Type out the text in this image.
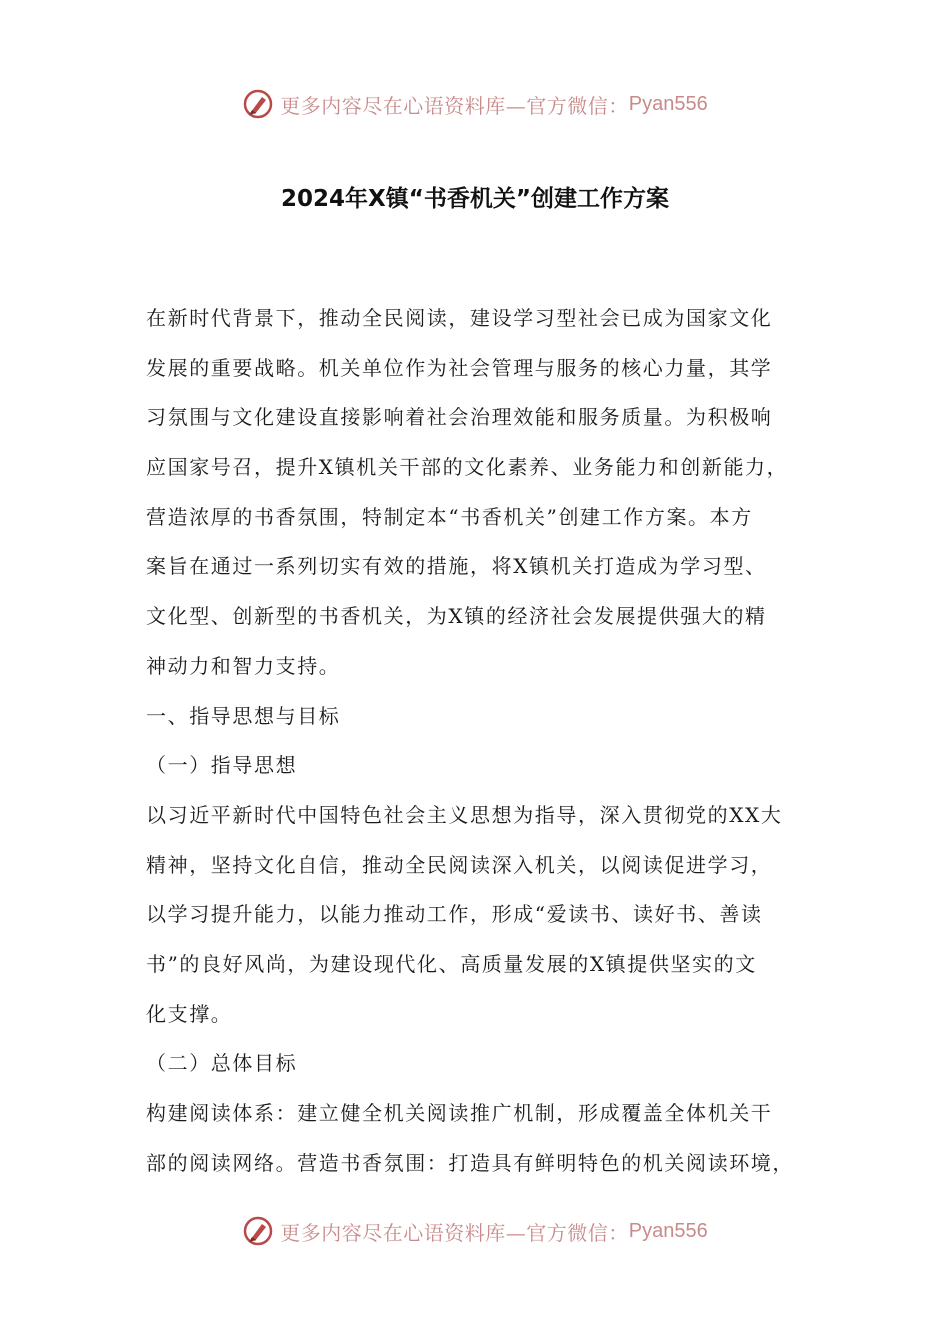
更多内容尽在心语资料库—官方微信： Pyan556
2024年X镇“书香机关”创建工作方案

在新时代背景下，推动全民阅读，建设学习型社会已成为国家文化

发展的重要战略。机关单位作为社会管理与服务的核心力量，其学

习氛围与文化建设直接影响着社会治理效能和服务质量。为积极响

应国家号召，提升X镇机关干部的文化素养、业务能力和创新能力，

营造浓厚的书香氛围，特制定本“书香机关”创建工作方案。本方

案旨在通过一系列切实有效的措施，将X镇机关打造成为学习型、

文化型、创新型的书香机关，为X镇的经济社会发展提供强大的精

神动力和智力支持。

一、指导思想与目标

（一）指导思想

以习近平新时代中国特色社会主义思想为指导，深入贯彻党的XX大

精神，坚持文化自信，推动全民阅读深入机关，以阅读促进学习，

以学习提升能力，以能力推动工作，形成“爱读书、读好书、善读

书”的良好风尚，为建设现代化、高质量发展的X镇提供坚实的文

化支撑。

（二）总体目标

构建阅读体系：建立健全机关阅读推广机制，形成覆盖全体机关干

部的阅读网络。营造书香氛围：打造具有鲜明特色的机关阅读环境，

更多内容尽在心语资料库—官方微信： Pyan556
